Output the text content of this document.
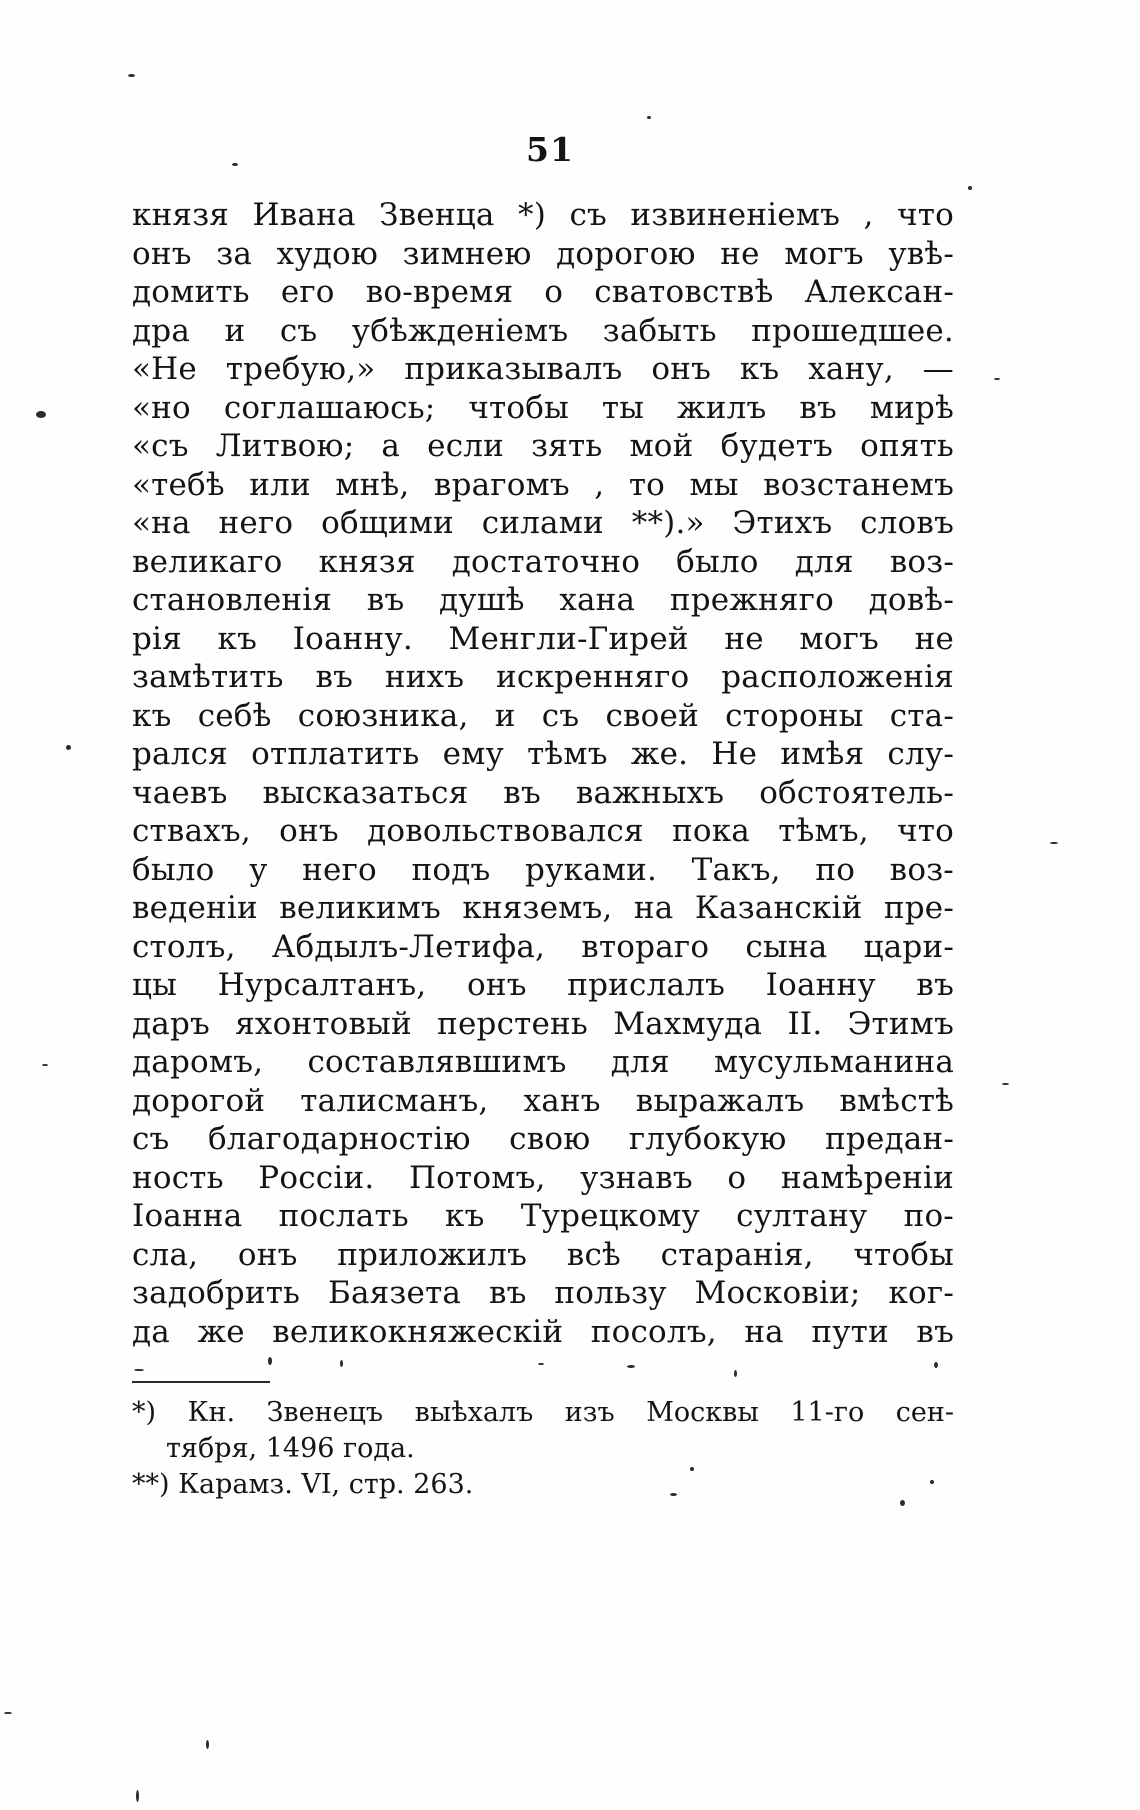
51
князя Ивана Звенца *) съ извиненіемъ , что
онъ за худою зимнею дорогою не могъ увѣ-
домить его во-время о сватовствѣ Алексан-
дра и съ убѣжденіемъ забыть прошедшее.
«Не требую,» приказывалъ онъ къ хану, —
«но соглашаюсь; чтобы ты жилъ въ мирѣ
«съ Литвою; а если зять мой будетъ опять
«тебѣ или мнѣ, врагомъ , то мы возстанемъ
«на него общими силами **).» Этихъ словъ
великаго князя достаточно было для воз-
становленія въ душѣ хана прежняго довѣ-
рія къ Іоанну. Менгли-Гирей не могъ не
замѣтить въ нихъ искренняго расположенія
къ себѣ союзника, и съ своей стороны ста-
рался отплатить ему тѣмъ же. Не имѣя слу-
чаевъ высказаться въ важныхъ обстоятель-
ствахъ, онъ довольствовался пока тѣмъ, что
было у него подъ руками. Такъ, по воз-
веденіи великимъ княземъ, на Казанскій пре-
столъ, Абдылъ-Летифа, втораго сына цари-
цы Нурсалтанъ, онъ прислалъ Іоанну въ
даръ яхонтовый перстень Махмуда II. Этимъ
даромъ, составлявшимъ для мусульманина
дорогой талисманъ, ханъ выражалъ вмѣстѣ
съ благодарностію свою глубокую предан-
ность Россіи. Потомъ, узнавъ о намѣреніи
Іоанна послать къ Турецкому султану по-
сла, онъ приложилъ всѣ старанія, чтобы
задобрить Баязета въ пользу Московіи; ког-
да же великокняжескій посолъ, на пути въ
*) Кн. Звенецъ выѣхалъ изъ Москвы 11-го сен-
тября, 1496 года.
**) Карамз. VI, стр. 263.
